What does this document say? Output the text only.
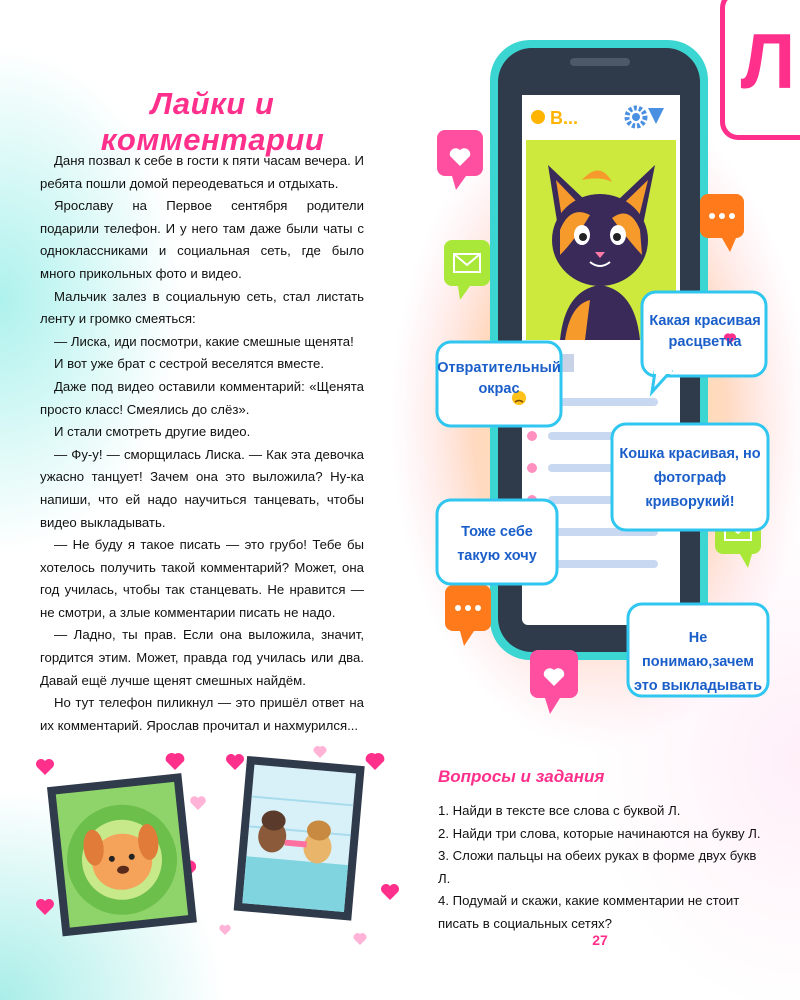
Л
Лайки и комментарии

Даня позвал к себе в гости к пяти часам вечера. И ребята пошли домой переодеваться и отдыхать.

Ярославу на Первое сентября родители подарили телефон. И у него там даже были чаты с одноклассниками и социальная сеть, где было много прикольных фото и видео.

Мальчик залез в социальную сеть, стал листать ленту и громко смеяться:

— Лиска, иди посмотри, какие смешные щенята!

И вот уже брат с сестрой веселятся вместе.

Даже под видео оставили комментарий: «Щенята просто класс! Смеялись до слёз».

И стали смотреть другие видео.

— Фу-у! — сморщилась Лиска. — Как эта девочка ужасно танцует! Зачем она это выложила? Ну-ка напиши, что ей надо научиться танцевать, чтобы видео выкладывать.

— Не буду я такое писать — это грубо! Тебе бы хотелось получить такой комментарий? Может, она год училась, чтобы так станцевать. Не нравится — не смотри, а злые комментарии писать не надо.

— Ладно, ты прав. Если она выложила, значит, гордится этим. Может, правда год училась или два. Давай ещё лучше щенят смешных найдём.

Но тут телефон пиликнул — это пришёл ответ на их комментарий. Ярослав прочитал и нахмурился...

В...
Какая красивая расцветка
Отвратительный окрас
Кошка красивая, но фотограф криворукий!
Тоже себе такую хочу
Не понимаю,зачем это выкладывать
Вопросы и задания
1. Найди в тексте все слова с буквой Л.
2. Найди три слова, которые начинаются на букву Л.
3. Сложи пальцы на обеих руках в форме двух букв Л.
4. Подумай и скажи, какие комментарии не стоит писать в социальных сетях?
27
